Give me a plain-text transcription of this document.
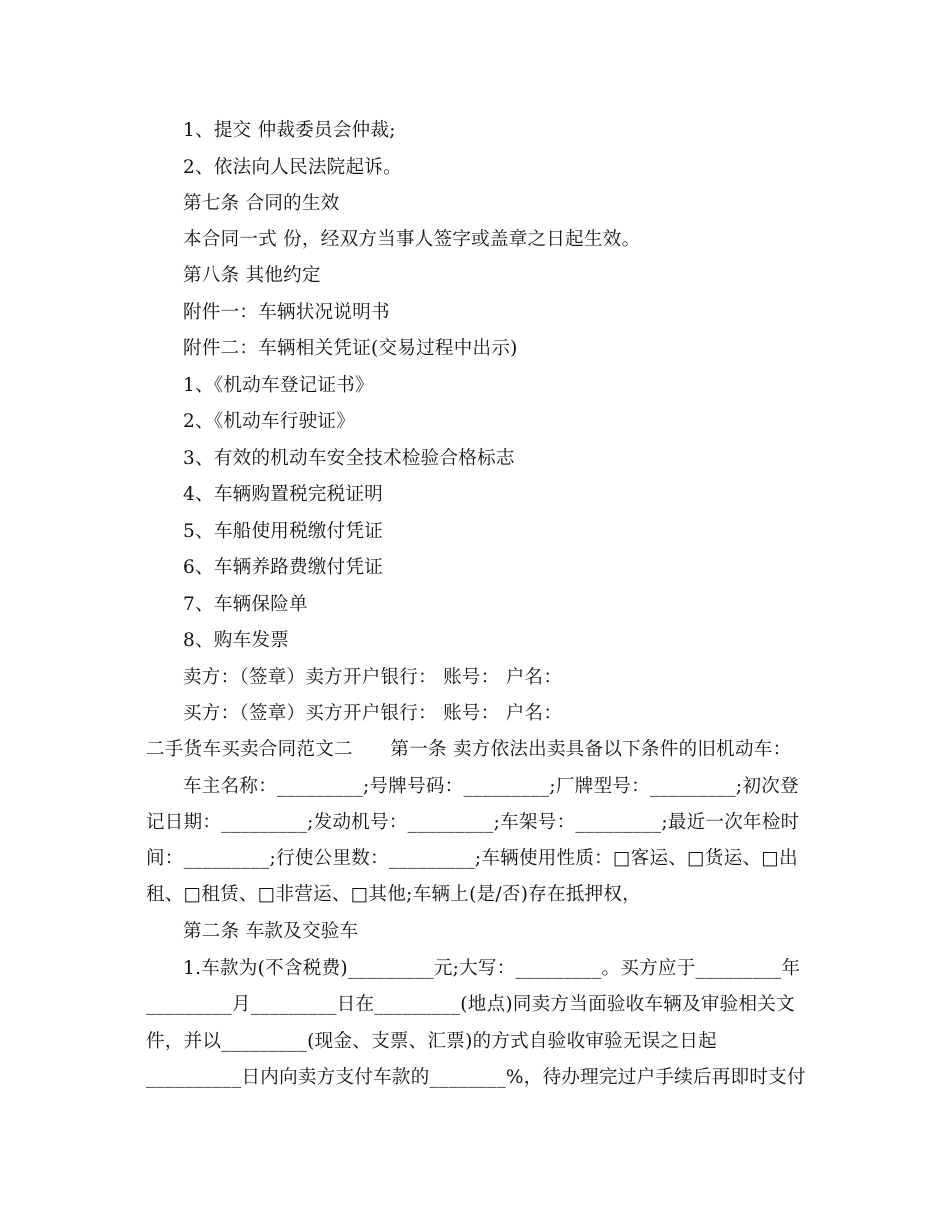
1、提交 仲裁委员会仲裁;
2、依法向人民法院起诉。
第七条 合同的生效
本合同一式 份，经双方当事人签字或盖章之日起生效。
第八条 其他约定
附件一：车辆状况说明书
附件二：车辆相关凭证(交易过程中出示)
1、《机动车登记证书》
2、《机动车行驶证》
3、有效的机动车安全技术检验合格标志
4、车辆购置税完税证明
5、车船使用税缴付凭证
6、车辆养路费缴付凭证
7、车辆保险单
8、购车发票
卖方：（签章）卖方开户银行： 账号： 户名：
买方：（签章）买方开户银行： 账号： 户名：
二手货车买卖合同范文二　　第一条 卖方依法出卖具备以下条件的旧机动车：
车主名称：_________;号牌号码：_________;厂牌型号：_________;初次登
记日期：_________;发动机号：_________;车架号：_________;最近一次年检时
间：_________;行使公里数：_________;车辆使用性质：□客运、□货运、□出
租、□租赁、□非营运、□其他;车辆上(是/否)存在抵押权，
第二条 车款及交验车
1.车款为(不含税费)_________元;大写：_________。买方应于_________年
_________月_________日在_________(地点)同卖方当面验收车辆及审验相关文
件，并以_________(现金、支票、汇票)的方式自验收审验无误之日起
__________日内向卖方支付车款的________%，待办理完过户手续后再即时支付
